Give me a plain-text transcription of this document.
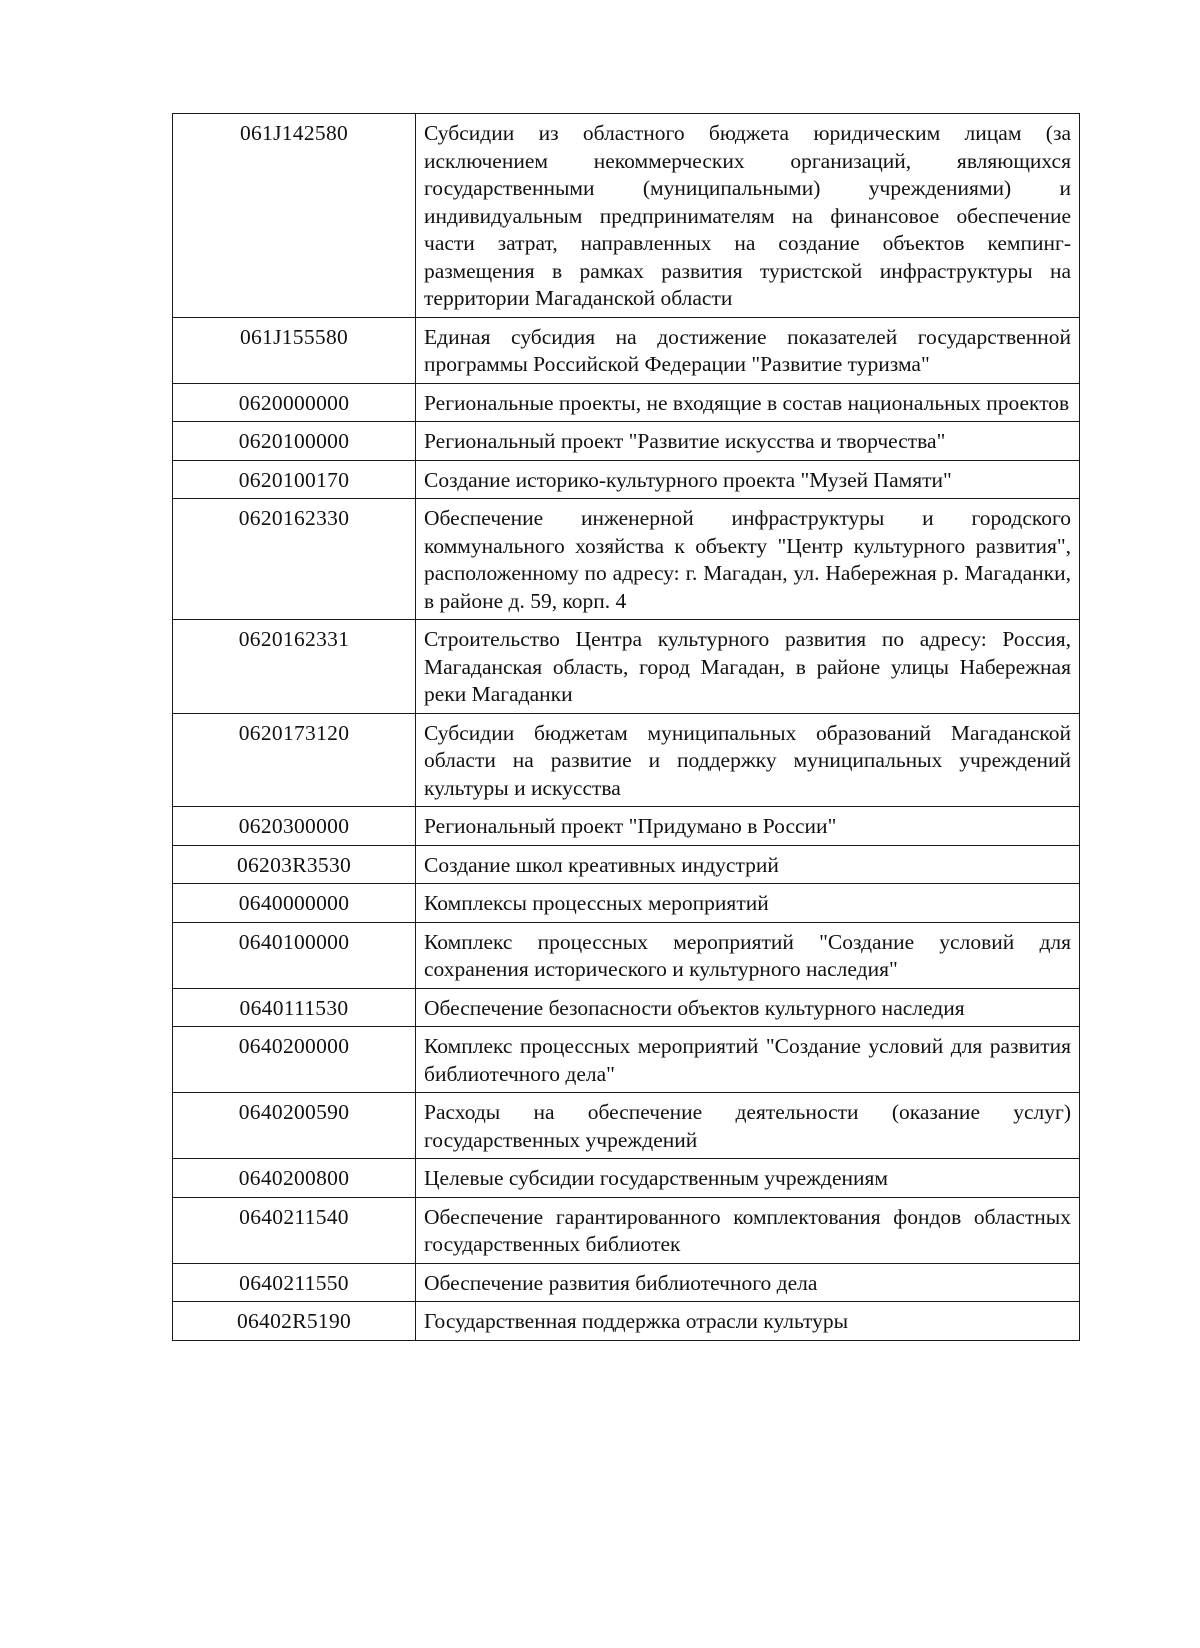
061J142580	Субсидии из областного бюджета юридическим лицам (за исключением некоммерческих организаций, являющихся государственными (муниципальными) учреждениями) и индивидуальным предпринимателям на финансовое обеспечение части затрат, направленных на создание объектов кемпинг-размещения в рамках развития туристской инфраструктуры на территории Магаданской области
061J155580	Единая субсидия на достижение показателей государственной программы Российской Федерации "Развитие туризма"
0620000000	Региональные проекты, не входящие в состав национальных проектов
0620100000	Региональный проект "Развитие искусства и творчества"
0620100170	Создание историко-культурного проекта "Музей Памяти"
0620162330	Обеспечение инженерной инфраструктуры и городского коммунального хозяйства к объекту "Центр культурного развития", расположенному по адресу: г. Магадан, ул. Набережная р. Магаданки, в районе д. 59, корп. 4
0620162331	Строительство Центра культурного развития по адресу: Россия, Магаданская область, город Магадан, в районе улицы Набережная реки Магаданки
0620173120	Субсидии бюджетам муниципальных образований Магаданской области на развитие и поддержку муниципальных учреждений культуры и искусства
0620300000	Региональный проект "Придумано в России"
06203R3530	Создание школ креативных индустрий
0640000000	Комплексы процессных мероприятий
0640100000	Комплекс процессных мероприятий "Создание условий для сохранения исторического и культурного наследия"
0640111530	Обеспечение безопасности объектов культурного наследия
0640200000	Комплекс процессных мероприятий "Создание условий для развития библиотечного дела"
0640200590	Расходы на обеспечение деятельности (оказание услуг) государственных учреждений
0640200800	Целевые субсидии государственным учреждениям
0640211540	Обеспечение гарантированного комплектования фондов областных государственных библиотек
0640211550	Обеспечение развития библиотечного дела
06402R5190	Государственная поддержка отрасли культуры
